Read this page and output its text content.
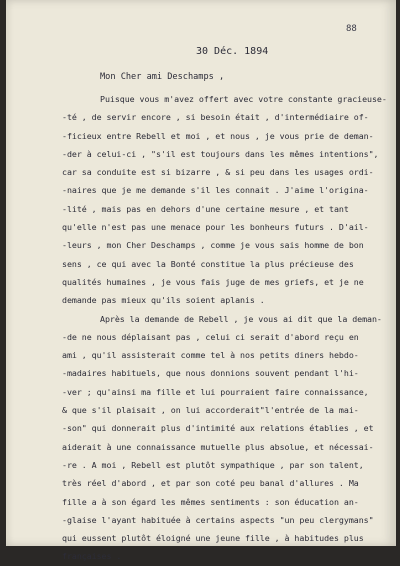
88
30 Déc. 1894
Mon Cher ami Deschamps ,
Puisque vous m'avez offert avec votre constante gracieuse-
-té , de servir encore , si besoin était , d'intermédiaire of-
-ficieux entre Rebell et moi , et nous , je vous prie de deman-
-der à celui-ci , "s'il est toujours dans les mêmes intentions",
car sa conduite est si bizarre , & si peu dans les usages ordi-
-naires que je me demande s'il les connait . J'aime l'origina-
-lité , mais pas en dehors d'une certaine mesure , et tant
qu'elle n'est pas une menace pour les bonheurs futurs . D'ail-
-leurs , mon Cher Deschamps , comme je vous sais homme de bon
sens , ce qui avec la Bonté constitue la plus précieuse des
qualités humaines , je vous fais juge de mes griefs, et je ne
demande pas mieux qu'ils soient aplanis .
Après la demande de Rebell , je vous ai dit que la deman-
-de ne nous déplaisant pas , celui ci serait d'abord reçu en
ami , qu'il assisterait comme tel à nos petits diners hebdo-
-madaires habituels, que nous donnions souvent pendant l'hi-
-ver ; qu'ainsi ma fille et lui pourraient faire connaissance,
& que s'il plaisait , on lui accorderait"l'entrée de la mai-
-son" qui donnerait plus d'intimité aux relations établies , et
aiderait à une connaissance mutuelle plus absolue, et nécessai-
-re . A moi , Rebell est plutôt sympathique , par son talent,
très réel d'abord , et par son coté peu banal d'allures . Ma
fille a à son égard les mêmes sentiments : son éducation an-
-glaise l'ayant habituée à certains aspects "un peu clergymans"
qui eussent plutôt éloigné une jeune fille , à habitudes plus
françaises .
